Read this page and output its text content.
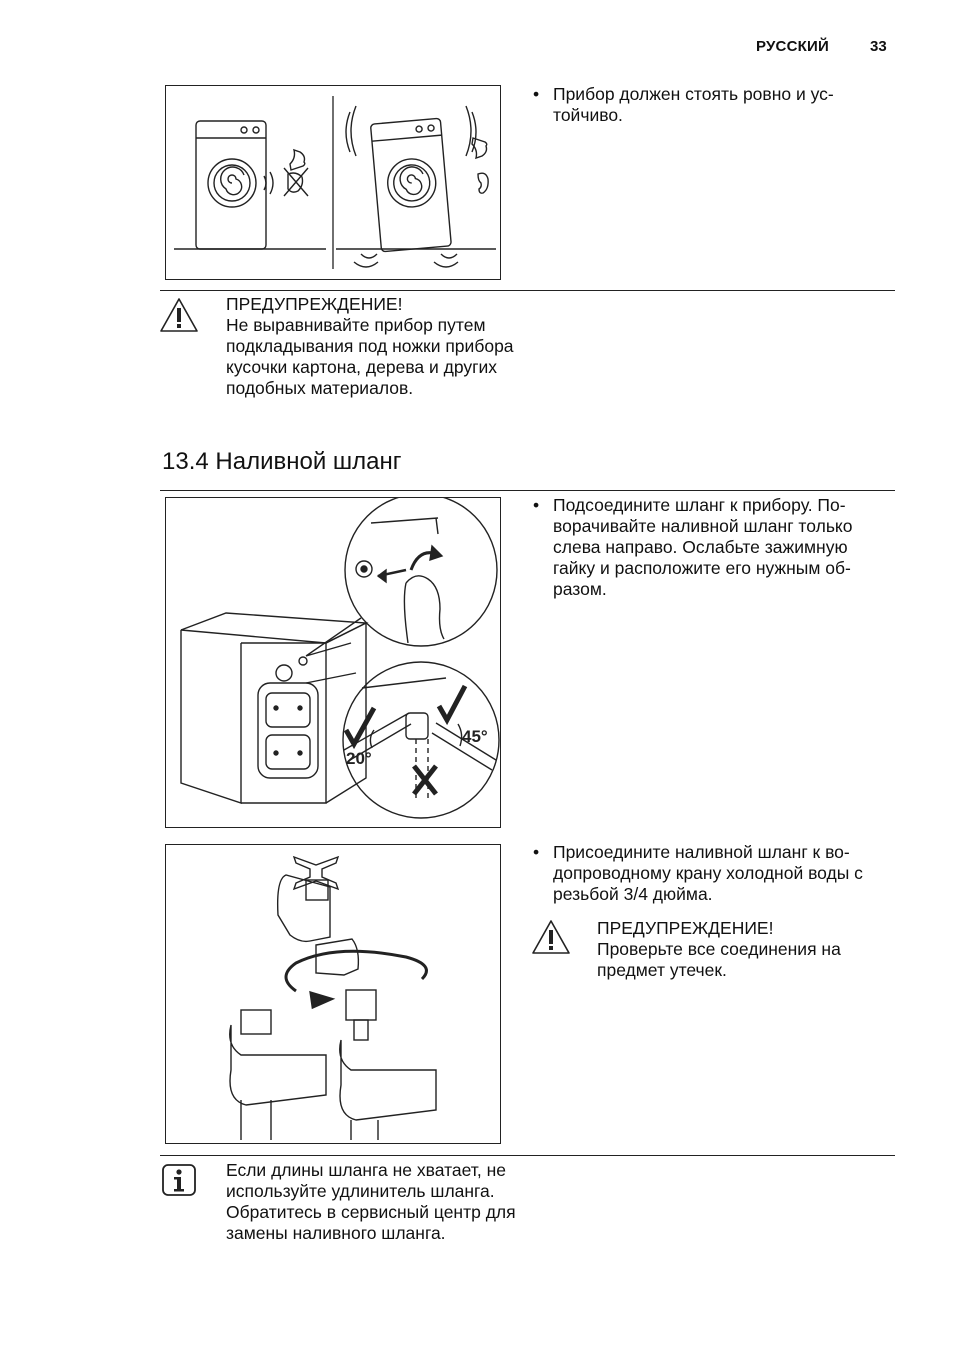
РУССКИЙ	33
• Прибор должен стоять ровно и устойчиво.
ПРЕДУПРЕЖДЕНИЕ!
Не выравнивайте прибор путем подкладывания под ножки прибора кусочки картона, дерева и других подобных материалов.
13.4 Наливной шланг
20°
45°
• Подсоедините шланг к прибору. Поворачивайте наливной шланг только слева направо. Ослабьте зажимную гайку и расположите его нужным образом.
• Присоедините наливной шланг к водопроводному крану холодной воды с резьбой 3/4 дюйма.
ПРЕДУПРЕЖДЕНИЕ!
Проверьте все соединения на предмет утечек.
Если длины шланга не хватает, не используйте удлинитель шланга. Обратитесь в сервисный центр для замены наливного шланга.
